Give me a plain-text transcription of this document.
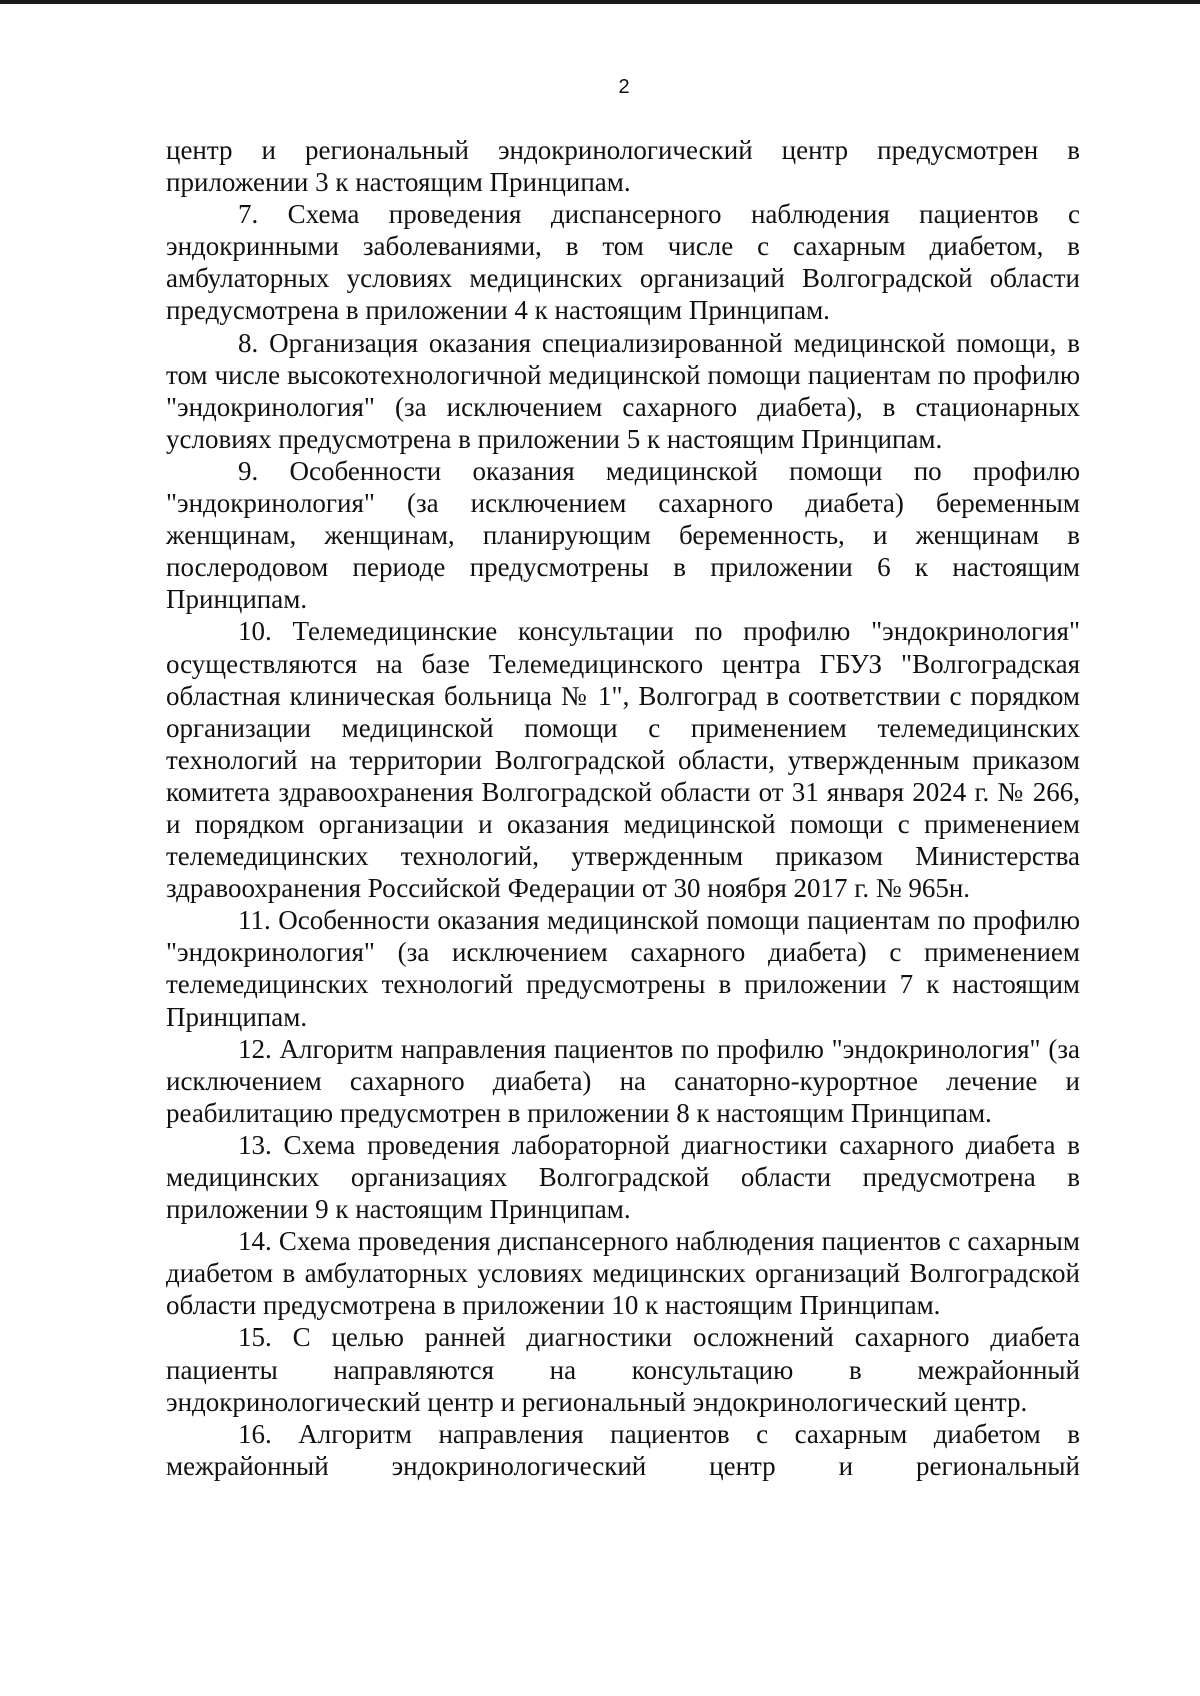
2

центр и региональный эндокринологический центр предусмотрен в приложении 3 к настоящим Принципам.

7. Схема проведения диспансерного наблюдения пациентов с эндокринными заболеваниями, в том числе с сахарным диабетом, в амбулаторных условиях медицинских организаций Волгоградской области предусмотрена в приложении 4 к настоящим Принципам.

8. Организация оказания специализированной медицинской помощи, в том числе высокотехнологичной медицинской помощи пациентам по профилю "эндокринология" (за исключением сахарного диабета), в стационарных условиях предусмотрена в приложении 5 к настоящим Принципам.

9. Особенности оказания медицинской помощи по профилю "эндокринология" (за исключением сахарного диабета) беременным женщинам, женщинам, планирующим беременность, и женщинам в послеродовом периоде предусмотрены в приложении 6 к настоящим Принципам.

10. Телемедицинские консультации по профилю "эндокринология" осуществляются на базе Телемедицинского центра ГБУЗ "Волгоградская областная клиническая больница № 1", Волгоград в соответствии с порядком организации медицинской помощи с применением телемедицинских технологий на территории Волгоградской области, утвержденным приказом комитета здравоохранения Волгоградской области от 31 января 2024 г. № 266, и порядком организации и оказания медицинской помощи с применением телемедицинских технологий, утвержденным приказом Министерства здравоохранения Российской Федерации от 30 ноября 2017 г. № 965н.

11. Особенности оказания медицинской помощи пациентам по профилю "эндокринология" (за исключением сахарного диабета) с применением телемедицинских технологий предусмотрены в приложении 7 к настоящим Принципам.

12. Алгоритм направления пациентов по профилю "эндокринология" (за исключением сахарного диабета) на санаторно-курортное лечение и реабилитацию предусмотрен в приложении 8 к настоящим Принципам.

13. Схема проведения лабораторной диагностики сахарного диабета в медицинских организациях Волгоградской области предусмотрена в приложении 9 к настоящим Принципам.

14. Схема проведения диспансерного наблюдения пациентов с сахарным диабетом в амбулаторных условиях медицинских организаций Волгоградской области предусмотрена в приложении 10 к настоящим Принципам.

15. С целью ранней диагностики осложнений сахарного диабета пациенты направляются на консультацию в межрайонный эндокринологический центр и региональный эндокринологический центр.

16. Алгоритм направления пациентов с сахарным диабетом в межрайонный эндокринологический центр и региональный
